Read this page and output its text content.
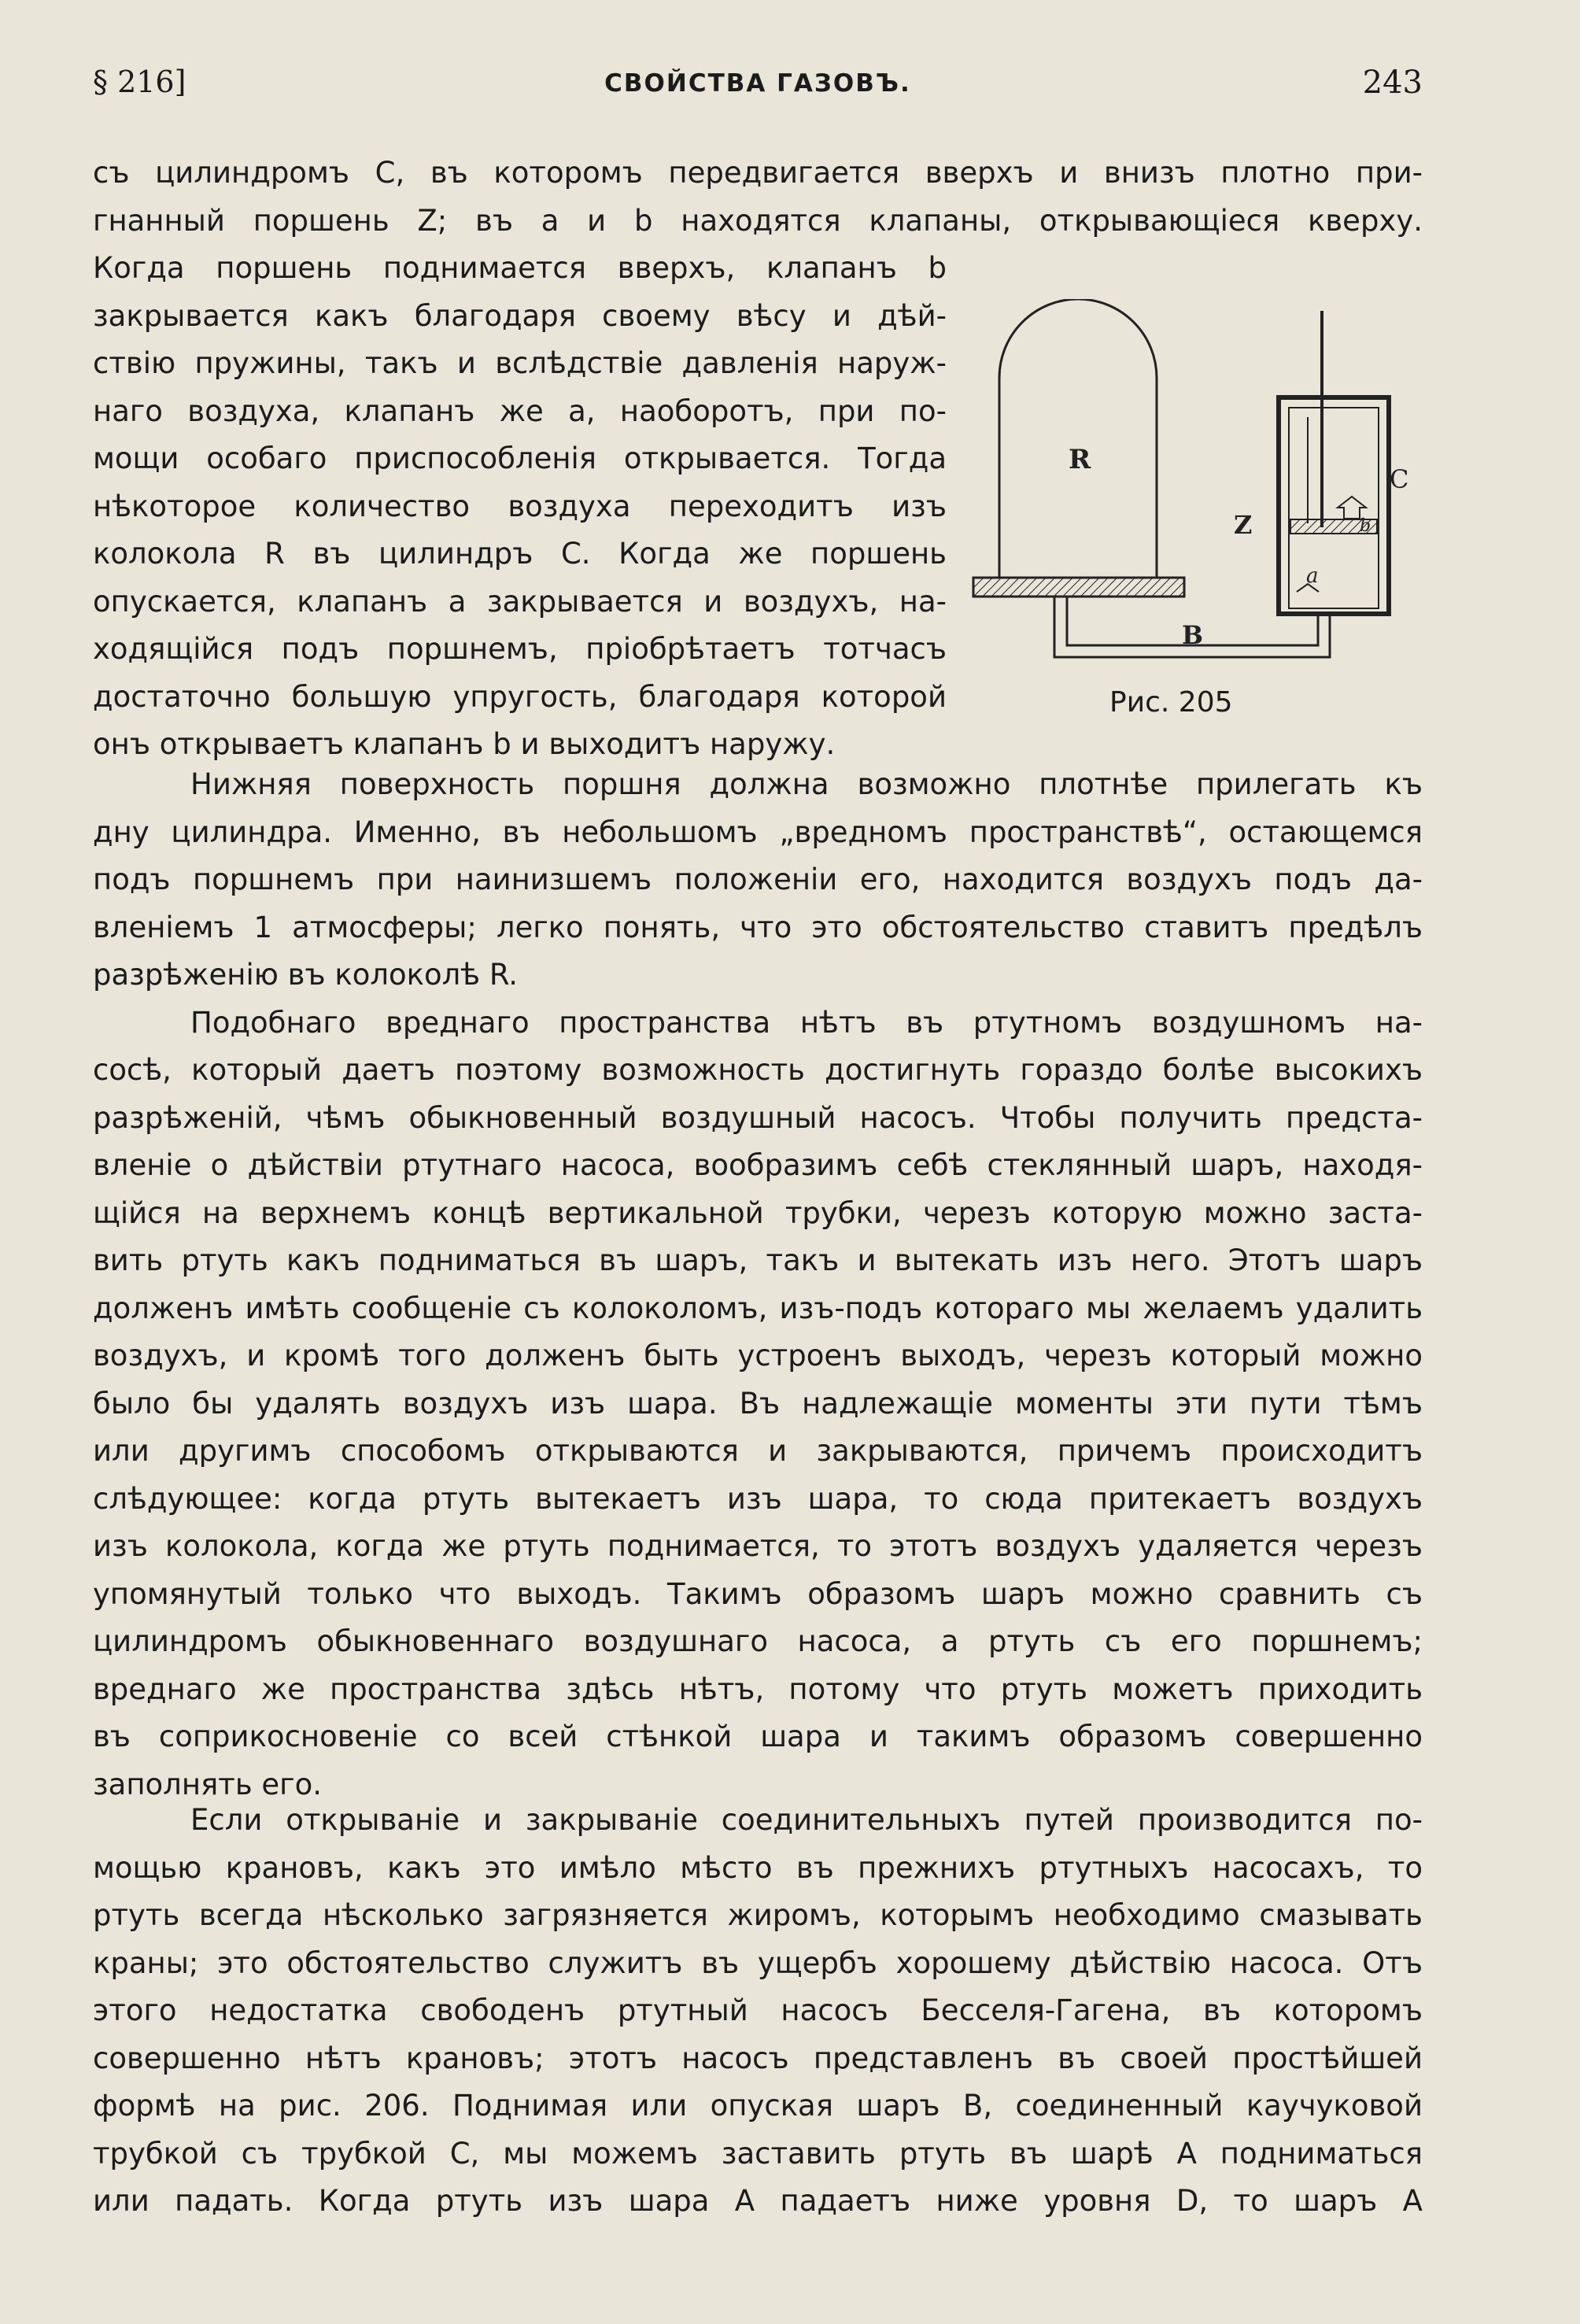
§ 216]	СВОЙСТВА ГАЗОВЪ.	243
съ цилиндромъ C, въ которомъ передвигается вверхъ и внизъ плотно при-
гнанный поршень Z; въ a и b находятся клапаны, открывающіеся кверху.
Когда поршень поднимается вверхъ, клапанъ b
закрывается какъ благодаря своему вѣсу и дѣй-
ствію пружины, такъ и вслѣдствіе давленія наруж-
наго воздуха, клапанъ же a, наоборотъ, при по-
мощи особаго приспособленія открывается. Тогда
нѣкоторое количество воздуха переходитъ изъ
колокола R въ цилиндръ C. Когда же поршень
опускается, клапанъ a закрывается и воздухъ, на-
ходящійся подъ поршнемъ, пріобрѣтаетъ тотчасъ
достаточно большую упругость, благодаря которой
онъ открываетъ клапанъ b и выходитъ наружу.
R
Z
C
B
a
b
Рис. 205
Нижняя поверхность поршня должна возможно плотнѣе прилегать къ
дну цилиндра. Именно, въ небольшомъ „вредномъ пространствѣ“, остающемся
подъ поршнемъ при наинизшемъ положеніи его, находится воздухъ подъ да-
вленіемъ 1 атмосферы; легко понять, что это обстоятельство ставитъ предѣлъ
разрѣженію въ колоколѣ R.
Подобнаго вреднаго пространства нѣтъ въ ртутномъ воздушномъ на-
сосѣ, который даетъ поэтому возможность достигнуть гораздо болѣе высокихъ
разрѣженій, чѣмъ обыкновенный воздушный насосъ. Чтобы получить предста-
вленіе о дѣйствіи ртутнаго насоса, вообразимъ себѣ стеклянный шаръ, находя-
щійся на верхнемъ концѣ вертикальной трубки, черезъ которую можно заста-
вить ртуть какъ подниматься въ шаръ, такъ и вытекать изъ него. Этотъ шаръ
долженъ имѣть сообщеніе съ колоколомъ, изъ-подъ котораго мы желаемъ удалить
воздухъ, и кромѣ того долженъ быть устроенъ выходъ, черезъ который можно
было бы удалять воздухъ изъ шара. Въ надлежащіе моменты эти пути тѣмъ
или другимъ способомъ открываются и закрываются, причемъ происходитъ
слѣдующее: когда ртуть вытекаетъ изъ шара, то сюда притекаетъ воздухъ
изъ колокола, когда же ртуть поднимается, то этотъ воздухъ удаляется черезъ
упомянутый только что выходъ. Такимъ образомъ шаръ можно сравнить съ
цилиндромъ обыкновеннаго воздушнаго насоса, а ртуть съ его поршнемъ;
вреднаго же пространства здѣсь нѣтъ, потому что ртуть можетъ приходить
въ соприкосновеніе со всей стѣнкой шара и такимъ образомъ совершенно
заполнять его.
Если открываніе и закрываніе соединительныхъ путей производится по-
мощью крановъ, какъ это имѣло мѣсто въ прежнихъ ртутныхъ насосахъ, то
ртуть всегда нѣсколько загрязняется жиромъ, которымъ необходимо смазывать
краны; это обстоятельство служитъ въ ущербъ хорошему дѣйствію насоса. Отъ
этого недостатка свободенъ ртутный насосъ Бесселя-Гагена, въ которомъ
совершенно нѣтъ крановъ; этотъ насосъ представленъ въ своей простѣйшей
формѣ на рис. 206. Поднимая или опуская шаръ B, соединенный каучуковой
трубкой съ трубкой C, мы можемъ заставить ртуть въ шарѣ A подниматься
или падать. Когда ртуть изъ шара A падаетъ ниже уровня D, то шаръ A
